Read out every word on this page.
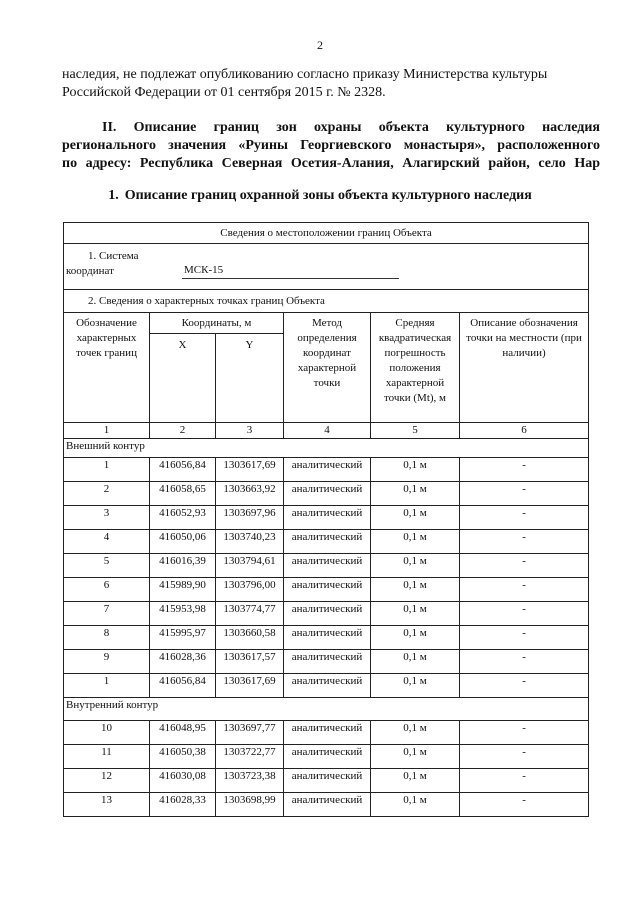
2
наследия, не подлежат опубликованию согласно приказу Министерства культуры
Российской Федерации от 01 сентября 2015 г. № 2328.
II. Описание границ зон охраны объекта культурного наследия
регионального значения «Руины Георгиевского монастыря», расположенного
по адресу: Республика Северная Осетия-Алания, Алагирский район, село Нар
1. Описание границ охранной зоны объекта культурного наследия
Сведения о местоположении границ Объекта					

1. Система
координат МСК-15					

2. Сведения о характерных точках границ Объекта					
Обозначение характерных точек границ	Координаты, м		Метод определения координат характерной точки	Средняя квадратическая погрешность положения характерной точки (Mt), м	Описание обозначения точки на местности (при наличии)
	X	Y			
1	2	3	4	5	6
Внешний контур					
1	416056,84	1303617,69	аналитический	0,1 м	-
2	416058,65	1303663,92	аналитический	0,1 м	-
3	416052,93	1303697,96	аналитический	0,1 м	-
4	416050,06	1303740,23	аналитический	0,1 м	-
5	416016,39	1303794,61	аналитический	0,1 м	-
6	415989,90	1303796,00	аналитический	0,1 м	-
7	415953,98	1303774,77	аналитический	0,1 м	-
8	415995,97	1303660,58	аналитический	0,1 м	-
9	416028,36	1303617,57	аналитический	0,1 м	-
1	416056,84	1303617,69	аналитический	0,1 м	-
Внутренний контур					
10	416048,95	1303697,77	аналитический	0,1 м	-
11	416050,38	1303722,77	аналитический	0,1 м	-
12	416030,08	1303723,38	аналитический	0,1 м	-
13	416028,33	1303698,99	аналитический	0,1 м	-
